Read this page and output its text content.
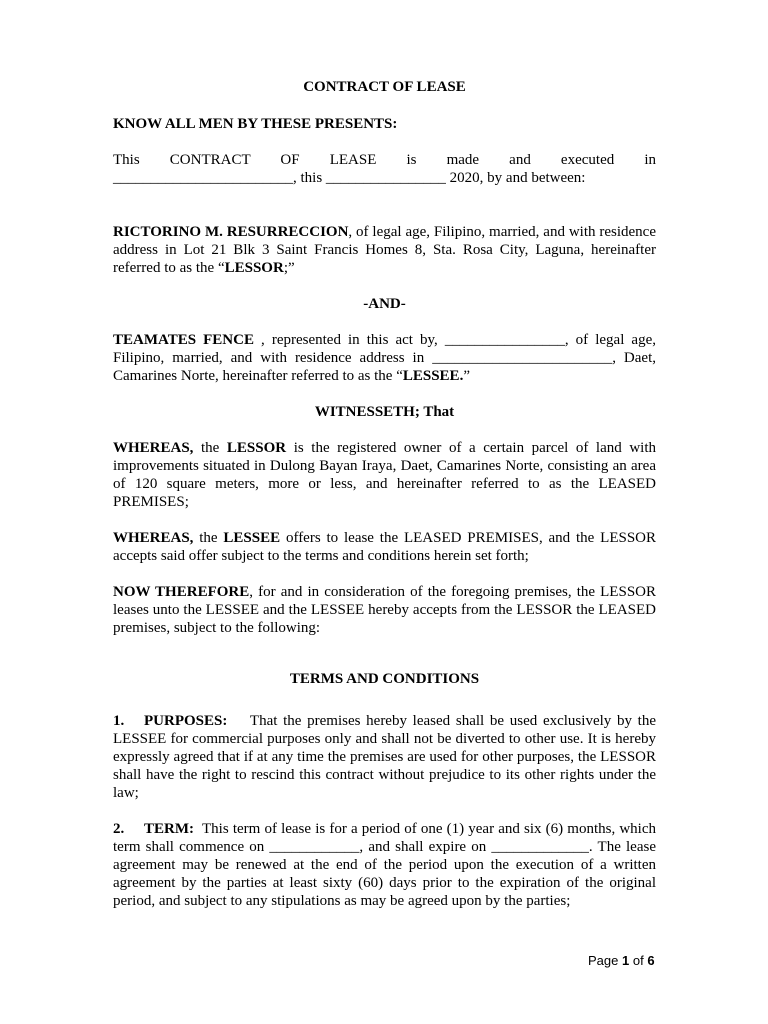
CONTRACT OF LEASE

KNOW ALL MEN BY THESE PRESENTS:

This CONTRACT OF LEASE is made and executed in

________________________, this ________________ 2020, by and between:

RICTORINO M. RESURRECCION, of legal age, Filipino, married, and with residence address in Lot 21 Blk 3 Saint Francis Homes 8, Sta. Rosa City, Laguna, hereinafter referred to as the “LESSOR;”

-AND-

TEAMATES FENCE , represented in this act by, ________________, of legal age, Filipino, married, and with residence address in ________________________, Daet, Camarines Norte, hereinafter referred to as the “LESSEE.”

WITNESSETH; That

WHEREAS, the LESSOR is the registered owner of a certain parcel of land with improvements situated in Dulong Bayan Iraya, Daet, Camarines Norte, consisting an area of 120 square meters, more or less, and hereinafter referred to as the LEASED PREMISES;

WHEREAS, the LESSEE offers to lease the LEASED PREMISES, and the LESSOR accepts said offer subject to the terms and conditions herein set forth;

NOW THEREFORE, for and in consideration of the foregoing premises, the LESSOR leases unto the LESSEE and the LESSEE hereby accepts from the LESSOR the LEASED premises, subject to the following:

TERMS AND CONDITIONS

1. PURPOSES: That the premises hereby leased shall be used exclusively by the LESSEE for commercial purposes only and shall not be diverted to other use. It is hereby expressly agreed that if at any time the premises are used for other purposes, the LESSOR shall have the right to rescind this contract without prejudice to its other rights under the law;

2. TERM: This term of lease is for a period of one (1) year and six (6) months, which term shall commence on ____________, and shall expire on _____________. The lease agreement may be renewed at the end of the period upon the execution of a written agreement by the parties at least sixty (60) days prior to the expiration of the original period, and subject to any stipulations as may be agreed upon by the parties;

Page 1 of 6
